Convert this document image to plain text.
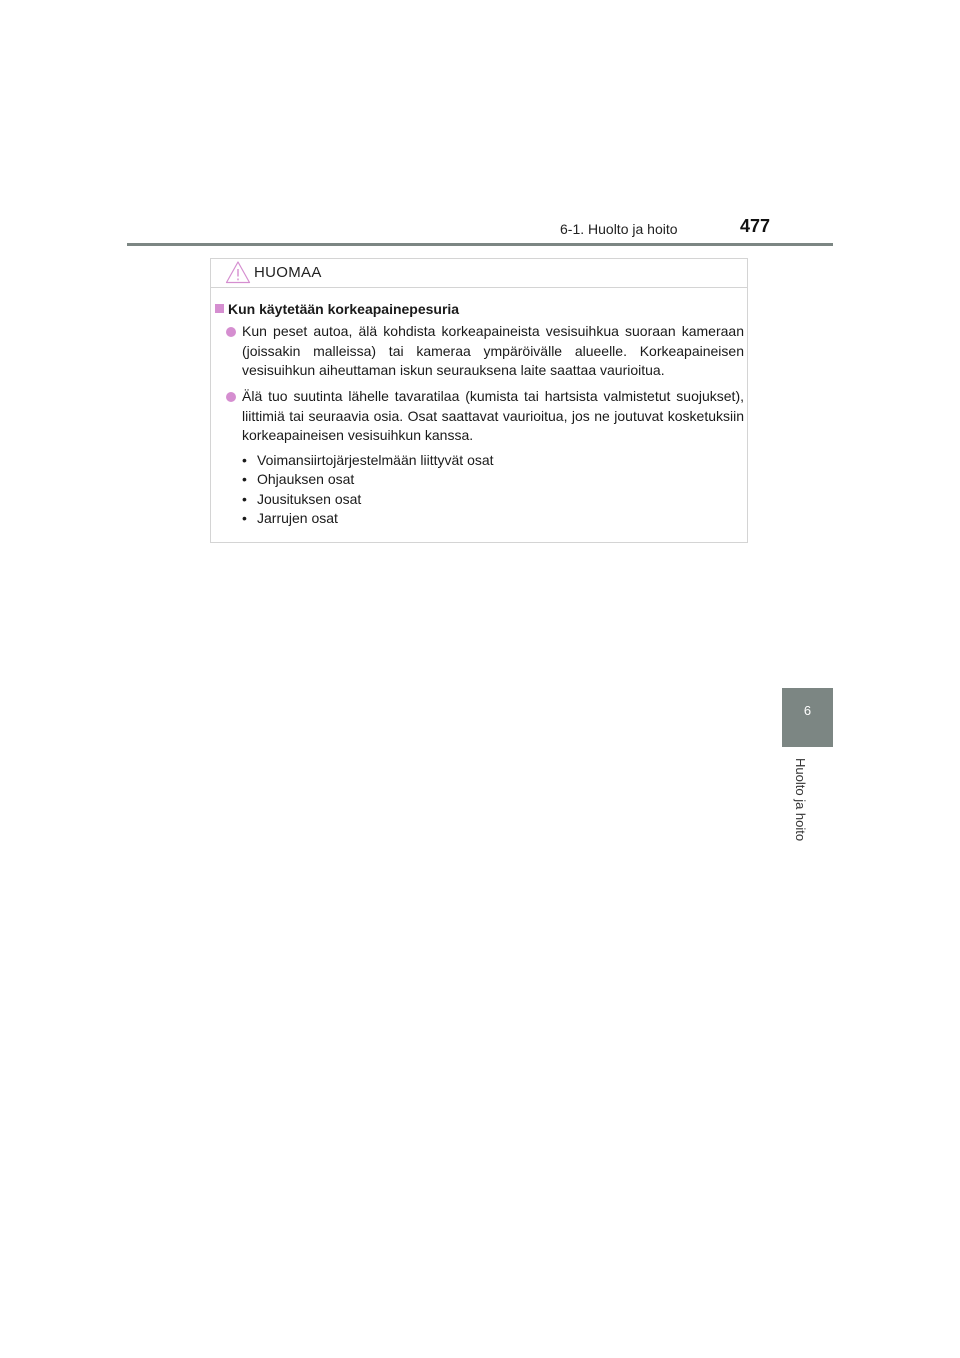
6-1. Huolto ja hoito	477
6
Huolto ja hoito
HUOMAA
Kun käytetään korkeapainepesuria
Kun peset autoa, älä kohdista korkeapaineista vesisuihkua suoraan kameraan (joissakin malleissa) tai kameraa ympäröivälle alueelle. Korkeapaineisen vesisuihkun aiheuttaman iskun seurauksena laite saattaa vaurioitua.
Älä tuo suutinta lähelle tavaratilaa (kumista tai hartsista valmistetut suojukset), liittimiä tai seuraavia osia. Osat saattavat vaurioitua, jos ne joutuvat kosketuksiin korkeapaineisen vesisuihkun kanssa.
• Voimansiirtojärjestelmään liittyvät osat
• Ohjauksen osat
• Jousituksen osat
• Jarrujen osat
